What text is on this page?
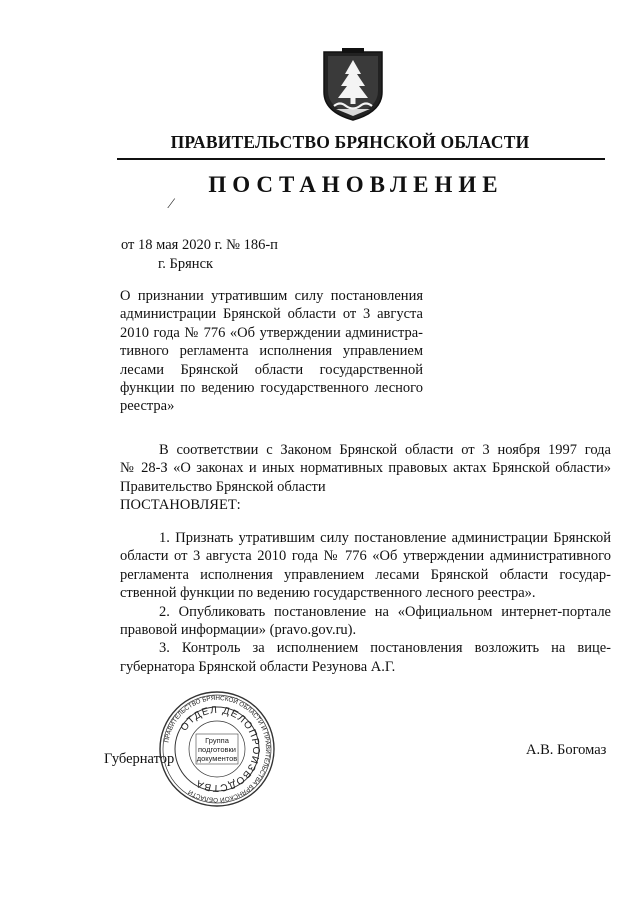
ПРАВИТЕЛЬСТВО БРЯНСКОЙ ОБЛАСТИ
ПОСТАНОВЛЕНИЕ
⁄
от 18 мая 2020 г. № 186-п
г. Брянск
О признании утратившим силу постановления
администрации Брянской области от 3 августа
2010 года № 776 «Об утверждении администра-
тивного регламента исполнения управлением
лесами Брянской области государственной
функции по ведению государственного лесного
реестра»
В соответствии с Законом Брянской области от 3 ноября 1997 года
№ 28-З «О законах и иных нормативных правовых актах Брянской области»
Правительство Брянской области
ПОСТАНОВЛЯЕТ:
1. Признать утратившим силу постановление администрации Брянской
области от 3 августа 2010 года № 776 «Об утверждении административного
регламента исполнения управлением лесами Брянской области государ-
ственной функции по ведению государственного лесного реестра».
2. Опубликовать постановление на «Официальном интернет-портале
правовой информации» (pravo.gov.ru).
3. Контроль за исполнением постановления возложить на вице-
губернатора Брянской области Резунова А.Г.
Губернатор
А.В. Богомаз
ПРАВИТЕЛЬСТВО БРЯНСКОЙ ОБЛАСТИ И ПРАВИТЕЛЬСТВА БРЯНСКОЙ ОБЛАСТИ
ОТДЕЛ ДЕЛОПРОИЗВОДСТВА
Группа
подготовки
документов
